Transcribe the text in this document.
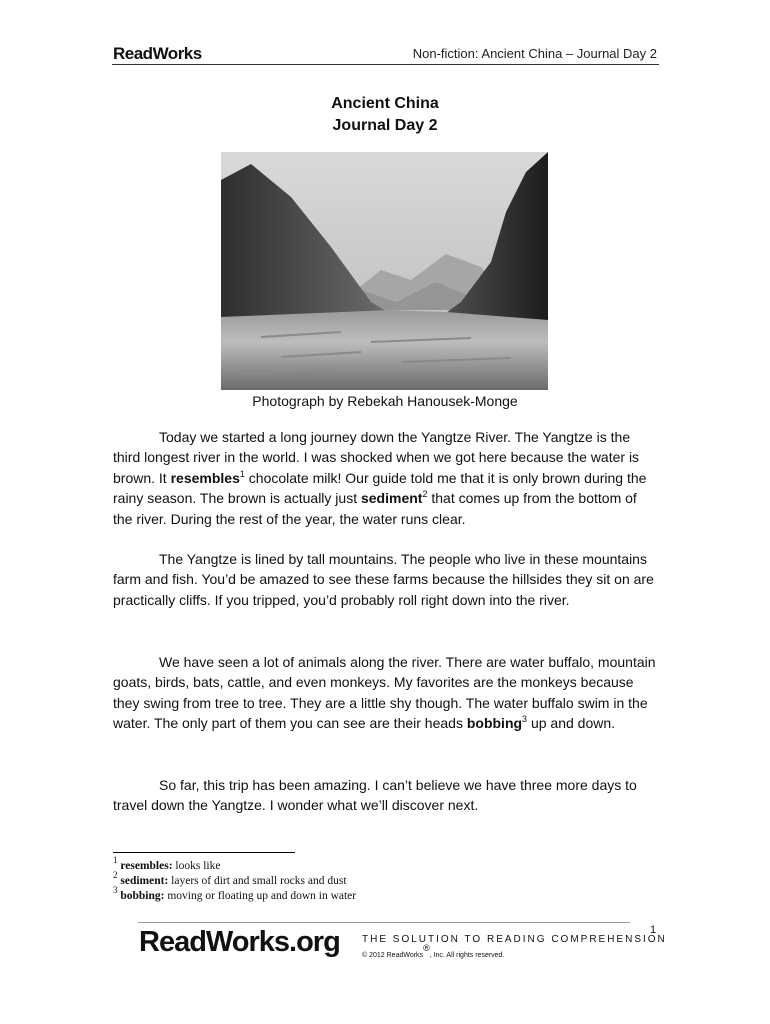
ReadWorks	Non-fiction: Ancient China – Journal Day 2
Ancient China
Journal Day 2
Photograph by Rebekah Hanousek-Monge

Today we started a long journey down the Yangtze River. The Yangtze is the third longest river in the world. I was shocked when we got here because the water is brown. It resembles$^1$ chocolate milk! Our guide told me that it is only brown during the rainy season. The brown is actually just sediment$^2$ that comes up from the bottom of the river. During the rest of the year, the water runs clear.

The Yangtze is lined by tall mountains. The people who live in these mountains farm and fish. You’d be amazed to see these farms because the hillsides they sit on are practically cliffs. If you tripped, you’d probably roll right down into the river.

We have seen a lot of animals along the river. There are water buffalo, mountain goats, birds, bats, cattle, and even monkeys. My favorites are the monkeys because they swing from tree to tree. They are a little shy though. The water buffalo swim in the water. The only part of them you can see are their heads bobbing$^3$ up and down.

So far, this trip has been amazing. I can’t believe we have three more days to travel down the Yangtze. I wonder what we’ll discover next.

$^1$ resembles: looks like
$^2$ sediment: layers of dirt and small rocks and dust
$^3$ bobbing: moving or floating up and down in water
1
ReadWorks.org THE SOLUTION TO READING COMPREHENSION
© 2012 ReadWorks®, Inc. All rights reserved.
